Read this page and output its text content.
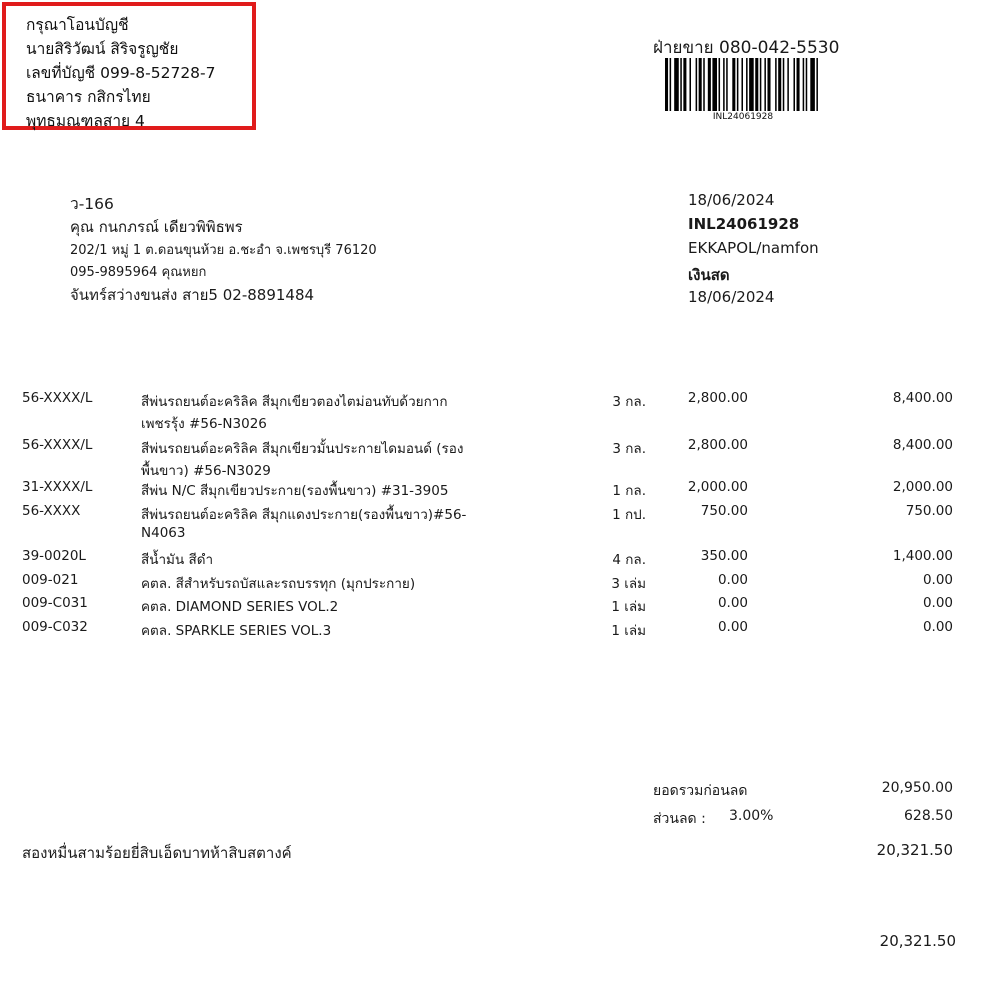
กรุณาโอนบัญชี
นายสิริวัฒน์ สิริจรูญชัย
เลขที่บัญชี 099-8-52728-7
ธนาคาร กสิกรไทย
พุทธมณฑลสาย 4
ฝ่ายขาย 080-042-5530
INL24061928
ว-166
คุณ กนกภรณ์ เดียวพิพิธพร
202/1 หมู่ 1 ต.ดอนขุนห้วย อ.ชะอำ จ.เพชรบุรี 76120
095-9895964 คุณหยก
จันทร์สว่างขนส่ง สาย5 02-8891484
18/06/2024
INL24061928
EKKAPOL/namfon
เงินสด
18/06/2024
56-XXXX/L	สีพ่นรถยนต์อะคริลิค สีมุกเขียวตองไตม่อนทับด้วยกาก
เพชรรุ้ง #56-N3026
3 กล.	2,800.00	8,400.00
56-XXXX/L	สีพ่นรถยนต์อะคริลิค สีมุกเขียวมั้นประกายไดมอนด์ (รอง
พื้นขาว) #56-N3029
3 กล.	2,800.00	8,400.00
31-XXXX/L	สีพ่น N/C สีมุกเขียวประกาย(รองพื้นขาว) #31-3905	1 กล.	2,000.00	2,000.00
56-XXXX	สีพ่นรถยนต์อะคริลิค สีมุกแดงประกาย(รองพื้นขาว)#56-
N4063
1 กป.	750.00	750.00
39-0020L	สีน้ำมัน สีดำ	4 กล.	350.00	1,400.00
009-021	คตล. สีสำหรับรถบัสและรถบรรทุก (มุกประกาย)	3 เล่ม	0.00	0.00
009-C031	คตล. DIAMOND SERIES VOL.2	1 เล่ม	0.00	0.00
009-C032	คตล. SPARKLE SERIES VOL.3	1 เล่ม	0.00	0.00
ยอดรวมก่อนลด	20,950.00
ส่วนลด : 3.00%	628.50
สองหมื่นสามร้อยยี่สิบเอ็ดบาทห้าสิบสตางค์	20,321.50
20,321.50
